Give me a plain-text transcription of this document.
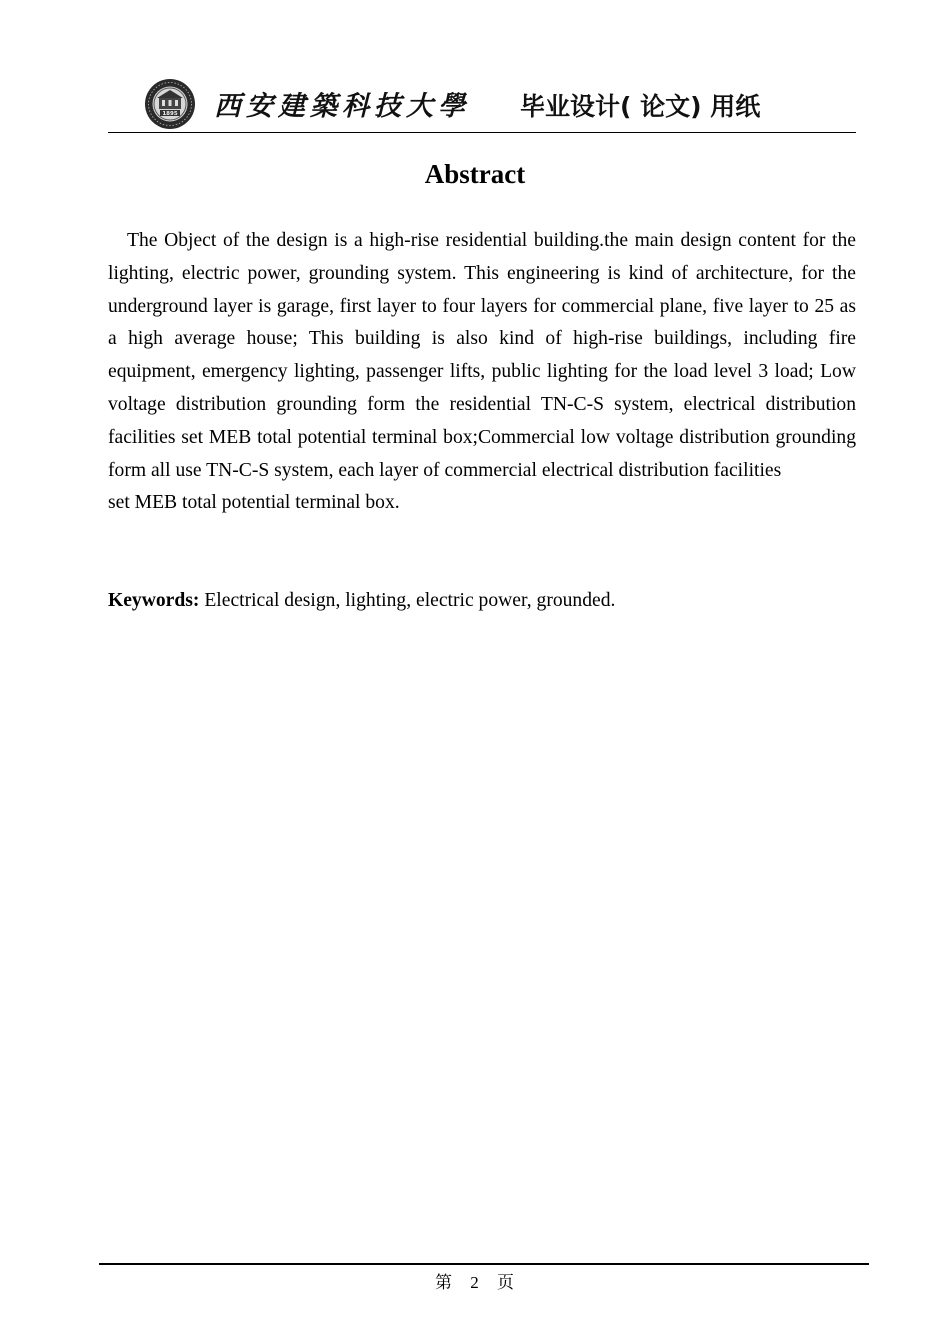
1895 西安建築科技大學 毕业设计( 论文) 用纸
Abstract
The Object of the design is a high-rise residential building.the main design content for the lighting, electric power, grounding system. This engineering is kind of architecture, for the underground layer is garage, first layer to four layers for commercial plane, five layer to 25 as a high average house; This building is also kind of high-rise buildings, including fire equipment, emergency lighting, passenger lifts, public lighting for the load level 3 load; Low voltage distribution grounding form the residential TN-C-S system, electrical distribution facilities set MEB total potential terminal box;Commercial low voltage distribution grounding form all use TN-C-S system, each layer of commercial electrical distribution facilities
set MEB total potential terminal box.
Keywords: Electrical design, lighting, electric power, grounded.
第 2 页
